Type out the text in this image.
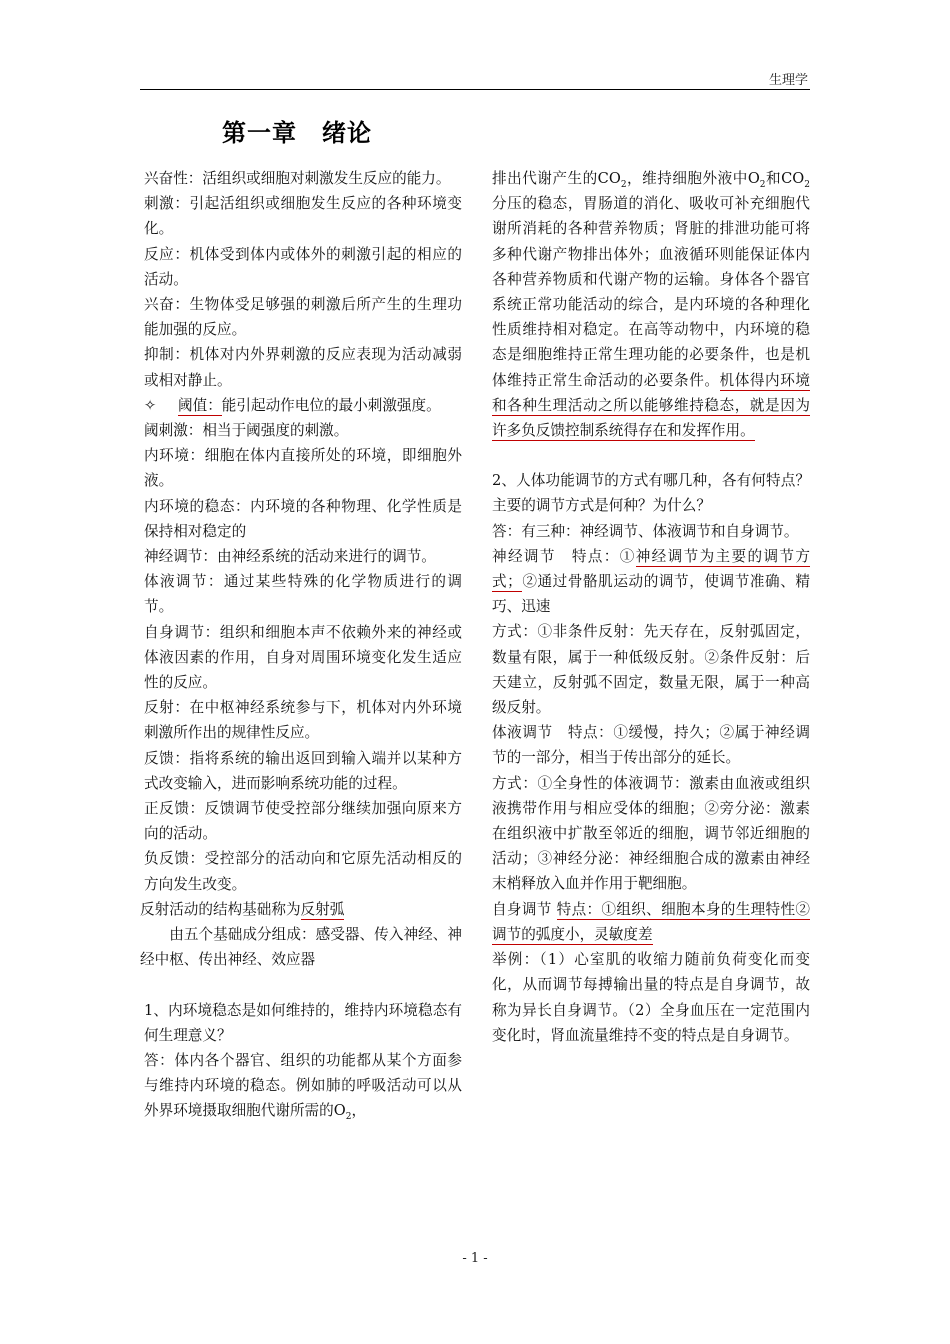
生理学
第一章　绪论

兴奋性：活组织或细胞对刺激发生反应的能力。

刺激：引起活组织或细胞发生反应的各种环境变化。

反应：机体受到体内或体外的刺激引起的相应的活动。

兴奋：生物体受足够强的刺激后所产生的生理功能加强的反应。

抑制：机体对内外界刺激的反应表现为活动减弱或相对静止。

✧ 阈值：能引起动作电位的最小刺激强度。

阈刺激：相当于阈强度的刺激。

内环境：细胞在体内直接所处的环境，即细胞外液。

内环境的稳态：内环境的各种物理、化学性质是保持相对稳定的

神经调节：由神经系统的活动来进行的调节。

体液调节：通过某些特殊的化学物质进行的调节。

自身调节：组织和细胞本声不依赖外来的神经或体液因素的作用，自身对周围环境变化发生适应性的反应。

反射：在中枢神经系统参与下，机体对内外环境刺激所作出的规律性反应。

反馈：指将系统的输出返回到输入端并以某种方式改变输入，进而影响系统功能的过程。

正反馈：反馈调节使受控部分继续加强向原来方向的活动。

负反馈：受控部分的活动向和它原先活动相反的方向发生改变。

反射活动的结构基础称为反射弧

由五个基础成分组成：感受器、传入神经、神经中枢、传出神经、效应器

1、内环境稳态是如何维持的，维持内环境稳态有何生理意义？

答：体内各个器官、组织的功能都从某个方面参与维持内环境的稳态。例如肺的呼吸活动可以从外界环境摄取细胞代谢所需的$O_2$，

排出代谢产生的$CO_2$，维持细胞外液中$O_2$和$CO_2$分压的稳态，胃肠道的消化、吸收可补充细胞代谢所消耗的各种营养物质；肾脏的排泄功能可将多种代谢产物排出体外；血液循环则能保证体内各种营养物质和代谢产物的运输。身体各个器官系统正常功能活动的综合，是内环境的各种理化性质维持相对稳定。在高等动物中，内环境的稳态是细胞维持正常生理功能的必要条件，也是机体维持正常生命活动的必要条件。机体得内环境和各种生理活动之所以能够维持稳态，就是因为许多负反馈控制系统得存在和发挥作用。

2、人体功能调节的方式有哪几种，各有何特点？主要的调节方式是何种？为什么？

答：有三种：神经调节、体液调节和自身调节。

神经调节　特点：①神经调节为主要的调节方式；②通过骨骼肌运动的调节，使调节准确、精巧、迅速

方式：①非条件反射：先天存在，反射弧固定，数量有限，属于一种低级反射。②条件反射：后天建立，反射弧不固定，数量无限，属于一种高级反射。

体液调节　特点：①缓慢，持久；②属于神经调节的一部分，相当于传出部分的延长。

方式：①全身性的体液调节：激素由血液或组织液携带作用与相应受体的细胞；②旁分泌：激素在组织液中扩散至邻近的细胞，调节邻近细胞的活动；③神经分泌：神经细胞合成的激素由神经末梢释放入血并作用于靶细胞。

自身调节 特点：①组织、细胞本身的生理特性②调节的弧度小，灵敏度差

举例：（1）心室肌的收缩力随前负荷变化而变化，从而调节每搏输出量的特点是自身调节，故称为异长自身调节。（2）全身血压在一定范围内变化时，肾血流量维持不变的特点是自身调节。

- 1 -
